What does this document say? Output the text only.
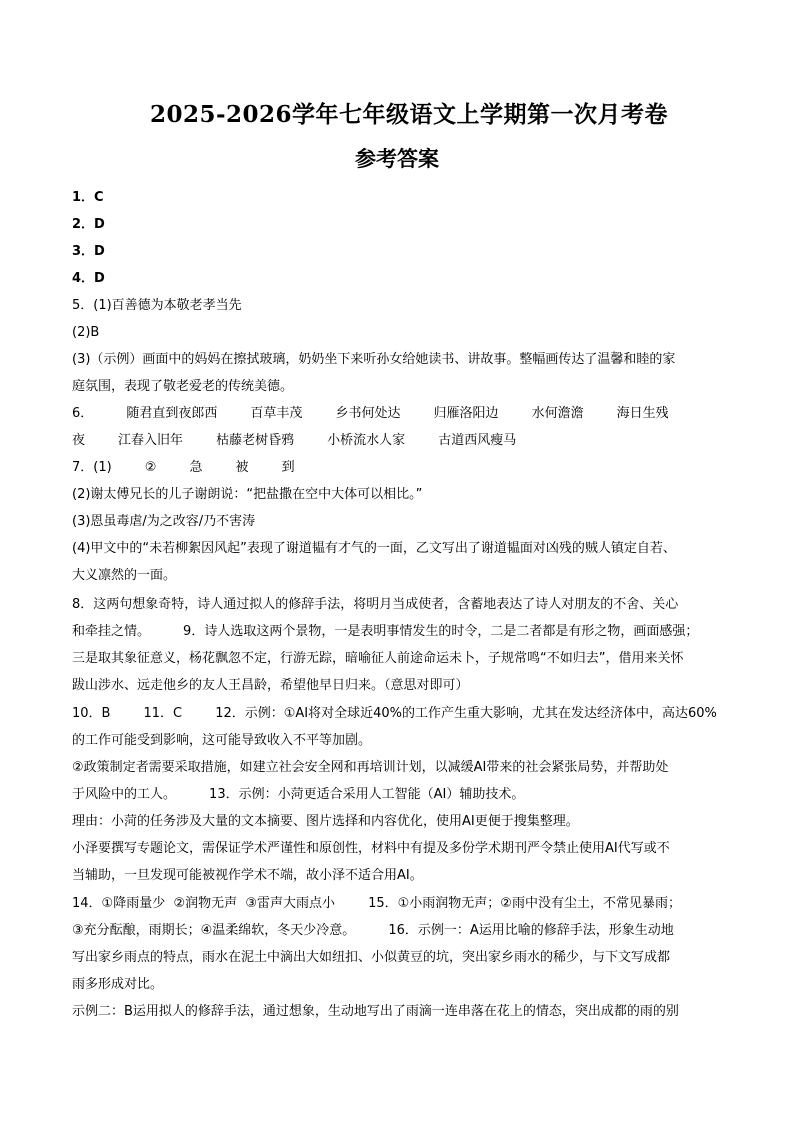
2025-2026学年七年级语文上学期第一次月考卷
参考答案
1．C
2．D
3．D
4．D
5．(1)百善德为本敬老孝当先
(2)B
(3)（示例）画面中的妈妈在擦拭玻璃，奶奶坐下来听孙女给她读书、讲故事。整幅画传达了温馨和睦的家
庭氛围，表现了敬老爱老的传统美德。
6．        随君直到夜郎西        百草丰茂        乡书何处达        归雁洛阳边        水何澹澹        海日生残
夜        江春入旧年        枯藤老树昏鸦        小桥流水人家        古道西风瘦马
7．(1)        ②        急        被        到
(2)谢太傅兄长的儿子谢朗说：“把盐撒在空中大体可以相比。”
(3)恩虽毒虐/为之改容/乃不害涛
(4)甲文中的“未若柳絮因风起”表现了谢道韫有才气的一面，乙文写出了谢道韫面对凶残的贼人镇定自若、
大义凛然的一面。
8．这两句想象奇特，诗人通过拟人的修辞手法，将明月当成使者，含蓄地表达了诗人对朋友的不舍、关心
和牵挂之情。        9．诗人选取这两个景物，一是表明事情发生的时令，二是二者都是有形之物，画面感强；
三是取其象征意义，杨花飘忽不定，行游无踪，暗喻征人前途命运未卜，子规常鸣“不如归去”，借用来关怀
跋山涉水、远走他乡的友人王昌龄，希望他早日归来。（意思对即可）
10．B        11．C        12．示例：①AI将对全球近40%的工作产生重大影响，尤其在发达经济体中，高达60%
的工作可能受到影响，这可能导致收入不平等加剧。
②政策制定者需要采取措施，如建立社会安全网和再培训计划，以减缓AI带来的社会紧张局势，并帮助处
于风险中的工人。        13．示例：小菏更适合采用人工智能（AI）辅助技术。
理由：小菏的任务涉及大量的文本摘要、图片选择和内容优化，使用AI更便于搜集整理。
小泽要撰写专题论文，需保证学术严谨性和原创性，材料中有提及多份学术期刊严令禁止使用AI代写或不
当辅助，一旦发现可能被视作学术不端，故小泽不适合用AI。
14．①降雨量少  ②润物无声  ③雷声大雨点小        15．①小雨润物无声；②雨中没有尘土，不常见暴雨；
③充分酝酿，雨期长；④温柔绵软，冬天少冷意。        16．示例一：A运用比喻的修辞手法，形象生动地
写出家乡雨点的特点，雨水在泥土中滴出大如纽扣、小似黄豆的坑，突出家乡雨水的稀少，与下文写成都
雨多形成对比。
示例二：B运用拟人的修辞手法，通过想象，生动地写出了雨滴一连串落在花上的情态，突出成都的雨的别
